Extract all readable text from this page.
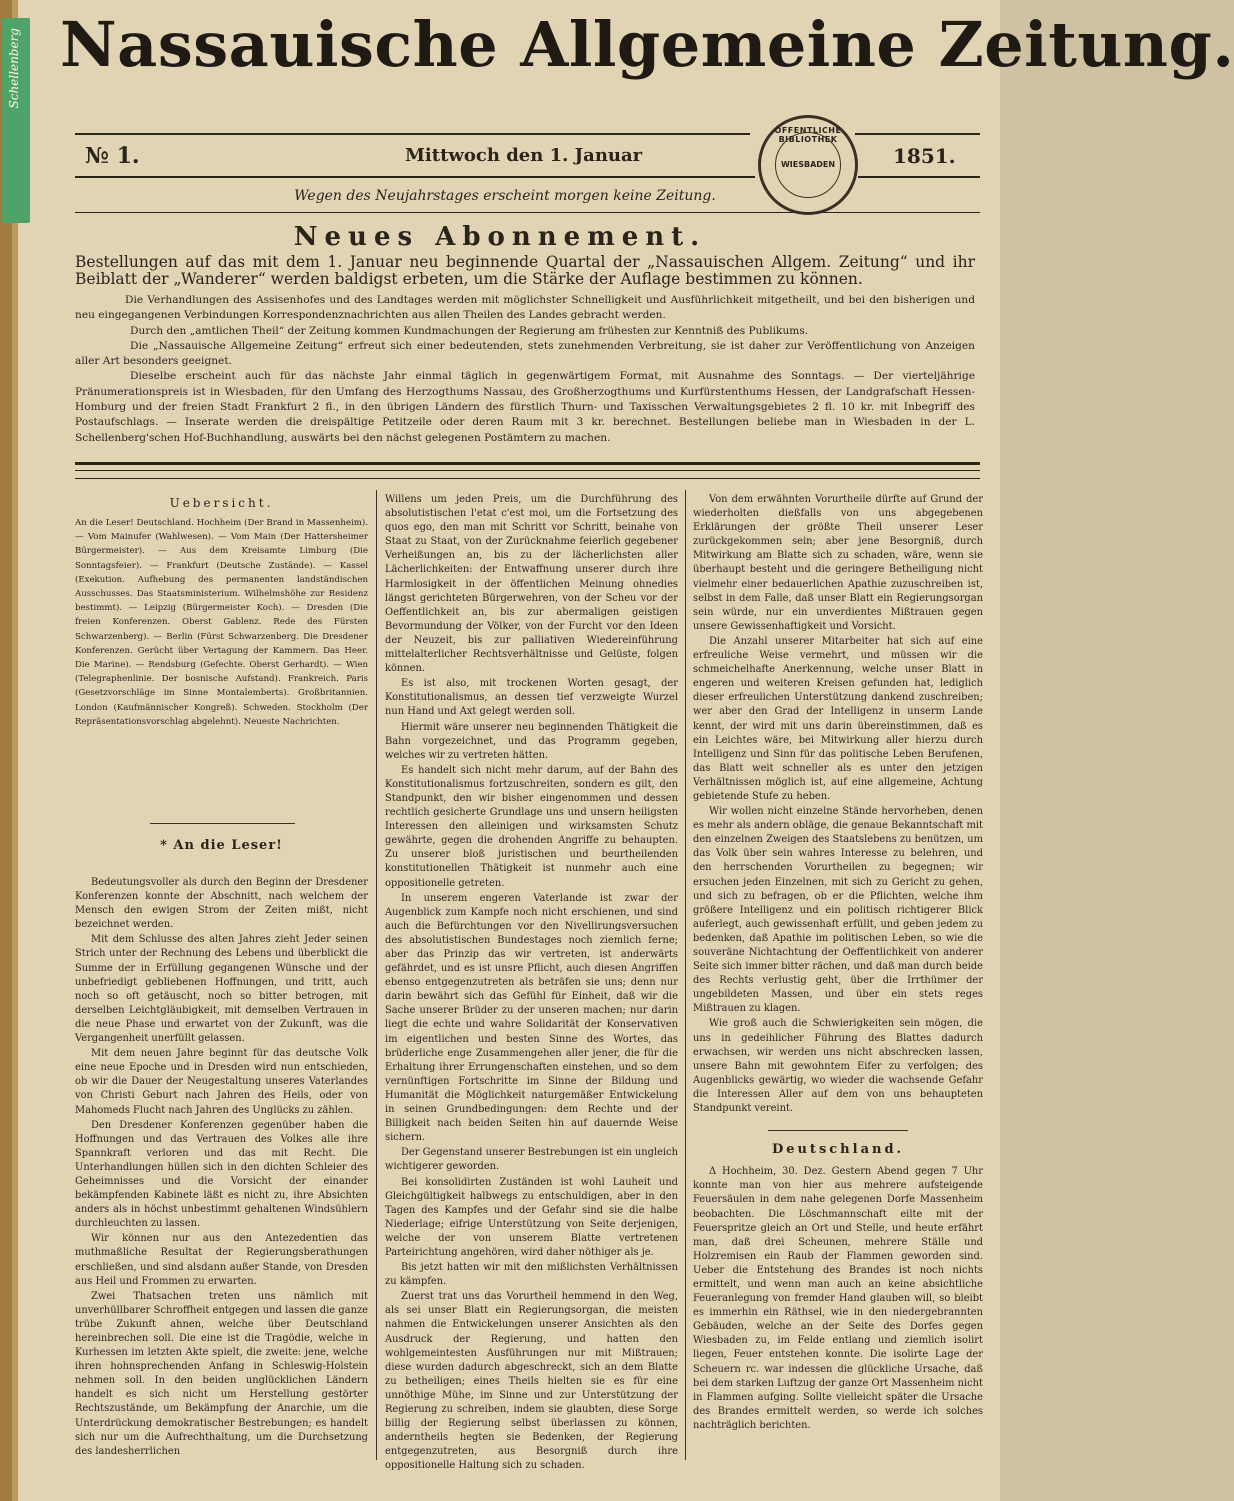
Schellenberg Nassauische Allgemeine Zeitung.
№ 1.	Mittwoch den 1. Januar	1851.
ÖFFENTLICHE BIBLIOTHEK
WIESBADEN
Wegen des Neujahrstages erscheint morgen keine Zeitung.
Neues Abonnement.
Bestellungen auf das mit dem 1. Januar neu beginnende Quartal der „Nassauischen Allgem. Zeitung“ und ihr Beiblatt der „Wanderer“ werden baldigst erbeten, um die Stärke der Auflage bestimmen zu können.

Die Verhandlungen des Assisenhofes und des Landtages werden mit möglichster Schnelligkeit und Ausführlichkeit mitgetheilt, und bei den bisherigen und neu eingegangenen Verbindungen Korrespondenznachrichten aus allen Theilen des Landes gebracht werden.

Durch den „amtlichen Theil“ der Zeitung kommen Kundmachungen der Regierung am frühesten zur Kenntniß des Publikums.

Die „Nassauische Allgemeine Zeitung“ erfreut sich einer bedeutenden, stets zunehmenden Verbreitung, sie ist daher zur Veröffentlichung von Anzeigen aller Art besonders geeignet.

Dieselbe erscheint auch für das nächste Jahr einmal täglich in gegenwärtigem Format, mit Ausnahme des Sonntags. — Der vierteljährige Pränumerationspreis ist in Wiesbaden, für den Umfang des Herzogthums Nassau, des Großherzogthums und Kurfürstenthums Hessen, der Landgrafschaft Hessen-Homburg und der freien Stadt Frankfurt 2 fl., in den übrigen Ländern des fürstlich Thurn- und Taxisschen Verwaltungsgebietes 2 fl. 10 kr. mit Inbegriff des Postaufschlags. — Inserate werden die dreispältige Petitzeile oder deren Raum mit 3 kr. berechnet. Bestellungen beliebe man in Wiesbaden in der L. Schellenberg'schen Hof-Buchhandlung, auswärts bei den nächst gelegenen Postämtern zu machen.

Uebersicht.
An die Leser! Deutschland. Hochheim (Der Brand in Massenheim). — Vom Mainufer (Wahlwesen). — Vom Main (Der Hattersheimer Bürgermeister). — Aus dem Kreisamte Limburg (Die Sonntagsfeier). — Frankfurt (Deutsche Zustände). — Kassel (Exekution. Aufhebung des permanenten landständischen Ausschusses. Das Staatsministerium. Wilhelmshöhe zur Residenz bestimmt). — Leipzig (Bürgermeister Koch). — Dresden (Die freien Konferenzen. Oberst Gablenz. Rede des Fürsten Schwarzenberg). — Berlin (Fürst Schwarzenberg. Die Dresdener Konferenzen. Gerücht über Vertagung der Kammern. Das Heer. Die Marine). — Rendsburg (Gefechte. Oberst Gerhardt). — Wien (Telegraphenlinie. Der bosnische Aufstand). Frankreich. Paris (Gesetzvorschläge im Sinne Montalemberts). Großbritannien. London (Kaufmännischer Kongreß). Schweden. Stockholm (Der Repräsentationsvorschlag abgelehnt). Neueste Nachrichten.
* An die Leser!

Bedeutungsvoller als durch den Beginn der Dresdener Konferenzen konnte der Abschnitt, nach welchem der Mensch den ewigen Strom der Zeiten mißt, nicht bezeichnet werden.

Mit dem Schlusse des alten Jahres zieht Jeder seinen Strich unter der Rechnung des Lebens und überblickt die Summe der in Erfüllung gegangenen Wünsche und der unbefriedigt gebliebenen Hoffnungen, und tritt, auch noch so oft getäuscht, noch so bitter betrogen, mit derselben Leichtgläubigkeit, mit demselben Vertrauen in die neue Phase und erwartet von der Zukunft, was die Vergangenheit unerfüllt gelassen.

Mit dem neuen Jahre beginnt für das deutsche Volk eine neue Epoche und in Dresden wird nun entschieden, ob wir die Dauer der Neugestaltung unseres Vaterlandes von Christi Geburt nach Jahren des Heils, oder von Mahomeds Flucht nach Jahren des Unglücks zu zählen.

Den Dresdener Konferenzen gegenüber haben die Hoffnungen und das Vertrauen des Volkes alle ihre Spannkraft verloren und das mit Recht. Die Unterhandlungen hüllen sich in den dichten Schleier des Geheimnisses und die Vorsicht der einander bekämpfenden Kabinete läßt es nicht zu, ihre Absichten anders als in höchst unbestimmt gehaltenen Windsühlern durchleuchten zu lassen.

Wir können nur aus den Antezedentien das muthmaßliche Resultat der Regierungsberathungen erschließen, und sind alsdann außer Stande, von Dresden aus Heil und Frommen zu erwarten.

Zwei Thatsachen treten uns nämlich mit unverhüllbarer Schroffheit entgegen und lassen die ganze trübe Zukunft ahnen, welche über Deutschland hereinbrechen soll. Die eine ist die Tragödie, welche in Kurhessen im letzten Akte spielt, die zweite: jene, welche ihren hohnsprechenden Anfang in Schleswig-Holstein nehmen soll. In den beiden unglücklichen Ländern handelt es sich nicht um Herstellung gestörter Rechtszustände, um Bekämpfung der Anarchie, um die Unterdrückung demokratischer Bestrebungen; es handelt sich nur um die Aufrechthaltung, um die Durchsetzung des landesherrlichen

Willens um jeden Preis, um die Durchführung des absolutistischen l'etat c'est moi, um die Fortsetzung des quos ego, den man mit Schritt vor Schritt, beinahe von Staat zu Staat, von der Zurücknahme feierlich gegebener Verheißungen an, bis zu der lächerlichsten aller Lächerlichkeiten: der Entwaffnung unserer durch ihre Harmlosigkeit in der öffentlichen Meinung ohnedies längst gerichteten Bürgerwehren, von der Scheu vor der Oeffentlichkeit an, bis zur abermaligen geistigen Bevormundung der Völker, von der Furcht vor den Ideen der Neuzeit, bis zur palliativen Wiedereinführung mittelalterlicher Rechtsverhältnisse und Gelüste, folgen können.

Es ist also, mit trockenen Worten gesagt, der Konstitutionalismus, an dessen tief verzweigte Wurzel nun Hand und Axt gelegt werden soll.

Hiermit wäre unserer neu beginnenden Thätigkeit die Bahn vorgezeichnet, und das Programm gegeben, welches wir zu vertreten hätten.

Es handelt sich nicht mehr darum, auf der Bahn des Konstitutionalismus fortzuschreiten, sondern es gilt, den Standpunkt, den wir bisher eingenommen und dessen rechtlich gesicherte Grundlage uns und unsern heiligsten Interessen den alleinigen und wirksamsten Schutz gewährte, gegen die drohenden Angriffe zu behaupten. Zu unserer bloß juristischen und beurtheilenden konstitutionellen Thätigkeit ist nunmehr auch eine oppositionelle getreten.

In unserem engeren Vaterlande ist zwar der Augenblick zum Kampfe noch nicht erschienen, und sind auch die Befürchtungen vor den Nivellirungsversuchen des absolutistischen Bundestages noch ziemlich ferne; aber das Prinzip das wir vertreten, ist anderwärts gefährdet, und es ist unsre Pflicht, auch diesen Angriffen ebenso entgegenzutreten als beträfen sie uns; denn nur darin bewährt sich das Gefühl für Einheit, daß wir die Sache unserer Brüder zu der unseren machen; nur darin liegt die echte und wahre Solidarität der Konservativen im eigentlichen und besten Sinne des Wortes, das brüderliche enge Zusammengehen aller jener, die für die Erhaltung ihrer Errungenschaften einstehen, und so dem vernünftigen Fortschritte im Sinne der Bildung und Humanität die Möglichkeit naturgemäßer Entwickelung in seinen Grundbedingungen: dem Rechte und der Billigkeit nach beiden Seiten hin auf dauernde Weise sichern.

Der Gegenstand unserer Bestrebungen ist ein ungleich wichtigerer geworden.

Bei konsolidirten Zuständen ist wohl Lauheit und Gleichgültigkeit halbwegs zu entschuldigen, aber in den Tagen des Kampfes und der Gefahr sind sie die halbe Niederlage; eifrige Unterstützung von Seite derjenigen, welche der von unserem Blatte vertretenen Parteirichtung angehören, wird daher nöthiger als je.

Bis jetzt hatten wir mit den mißlichsten Verhältnissen zu kämpfen.

Zuerst trat uns das Vorurtheil hemmend in den Weg, als sei unser Blatt ein Regierungsorgan, die meisten nahmen die Entwickelungen unserer Ansichten als den Ausdruck der Regierung, und hatten den wohlgemeintesten Ausführungen nur mit Mißtrauen; diese wurden dadurch abgeschreckt, sich an dem Blatte zu betheiligen; eines Theils hielten sie es für eine unnöthige Mühe, im Sinne und zur Unterstützung der Regierung zu schreiben, indem sie glaubten, diese Sorge billig der Regierung selbst überlassen zu können, anderntheils hegten sie Bedenken, der Regierung entgegenzutreten, aus Besorgniß durch ihre oppositionelle Haltung sich zu schaden.

Von dem erwähnten Vorurtheile dürfte auf Grund der wiederholten dießfalls von uns abgegebenen Erklärungen der größte Theil unserer Leser zurückgekommen sein; aber jene Besorgniß, durch Mitwirkung am Blatte sich zu schaden, wäre, wenn sie überhaupt besteht und die geringere Betheiligung nicht vielmehr einer bedauerlichen Apathie zuzuschreiben ist, selbst in dem Falle, daß unser Blatt ein Regierungsorgan sein würde, nur ein unverdientes Mißtrauen gegen unsere Gewissenhaftigkeit und Vorsicht.

Die Anzahl unserer Mitarbeiter hat sich auf eine erfreuliche Weise vermehrt, und müssen wir die schmeichelhafte Anerkennung, welche unser Blatt in engeren und weiteren Kreisen gefunden hat, lediglich dieser erfreulichen Unterstützung dankend zuschreiben; wer aber den Grad der Intelligenz in unserm Lande kennt, der wird mit uns darin übereinstimmen, daß es ein Leichtes wäre, bei Mitwirkung aller hierzu durch Intelligenz und Sinn für das politische Leben Berufenen, das Blatt weit schneller als es unter den jetzigen Verhältnissen möglich ist, auf eine allgemeine, Achtung gebietende Stufe zu heben.

Wir wollen nicht einzelne Stände hervorheben, denen es mehr als andern obläge, die genaue Bekanntschaft mit den einzelnen Zweigen des Staatslebens zu benützen, um das Volk über sein wahres Interesse zu belehren, und den herrschenden Vorurtheilen zu begegnen; wir ersuchen jeden Einzelnen, mit sich zu Gericht zu gehen, und sich zu befragen, ob er die Pflichten, welche ihm größere Intelligenz und ein politisch richtigerer Blick auferlegt, auch gewissenhaft erfüllt, und geben jedem zu bedenken, daß Apathie im politischen Leben, so wie die souveräne Nichtachtung der Oeffentlichkeit von anderer Seite sich immer bitter rächen, und daß man durch beide des Rechts verlustig geht, über die Irrthümer der ungebildeten Massen, und über ein stets reges Mißtrauen zu klagen.

Wie groß auch die Schwierigkeiten sein mögen, die uns in gedeihlicher Führung des Blattes dadurch erwachsen, wir werden uns nicht abschrecken lassen, unsere Bahn mit gewohntem Eifer zu verfolgen; des Augenblicks gewärtig, wo wieder die wachsende Gefahr die Interessen Aller auf dem von uns behaupteten Standpunkt vereint.

Deutschland.

Δ Hochheim, 30. Dez. Gestern Abend gegen 7 Uhr konnte man von hier aus mehrere aufsteigende Feuersäulen in dem nahe gelegenen Dorfe Massenheim beobachten. Die Löschmannschaft eilte mit der Feuerspritze gleich an Ort und Stelle, und heute erfährt man, daß drei Scheunen, mehrere Ställe und Holzremisen ein Raub der Flammen geworden sind. Ueber die Entstehung des Brandes ist noch nichts ermittelt, und wenn man auch an keine absichtliche Feueranlegung von fremder Hand glauben will, so bleibt es immerhin ein Räthsel, wie in den niedergebrannten Gebäuden, welche an der Seite des Dorfes gegen Wiesbaden zu, im Felde entlang und ziemlich isolirt liegen, Feuer entstehen konnte. Die isolirte Lage der Scheuern rc. war indessen die glückliche Ursache, daß bei dem starken Luftzug der ganze Ort Massenheim nicht in Flammen aufging. Sollte vielleicht später die Ursache des Brandes ermittelt werden, so werde ich solches nachträglich berichten.
